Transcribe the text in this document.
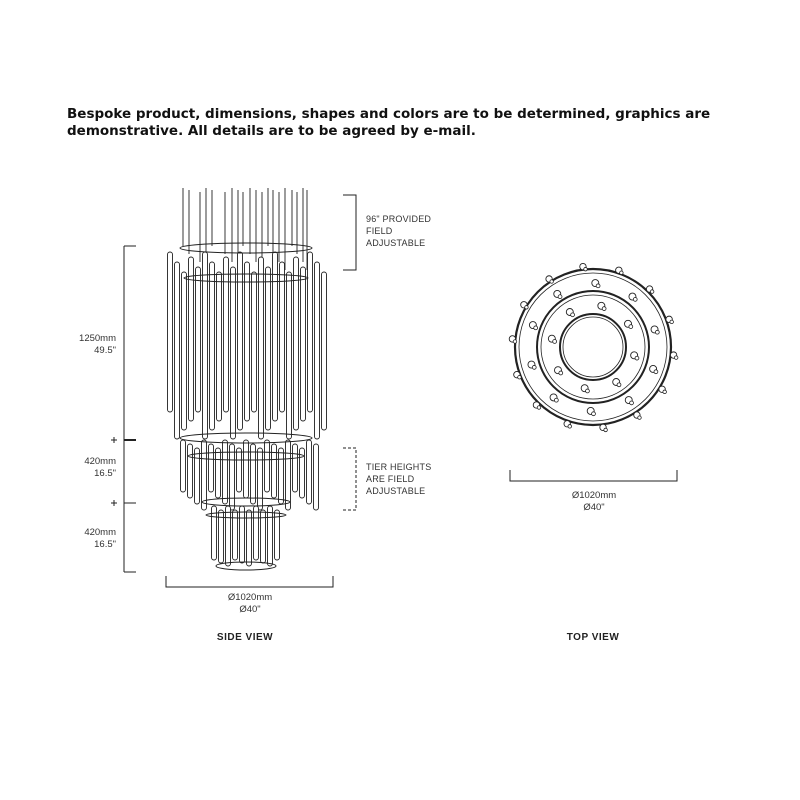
Bespoke product, dimensions, shapes and colors are to be determined, graphics are
demonstrative. All details are to be agreed by e-mail.

1250mm
49.5"
420mm
16.5"
420mm
16.5"
96" PROVIDED
FIELD
ADJUSTABLE
TIER HEIGHTS
ARE FIELD
ADJUSTABLE
Ø1020mm
Ø40"
SIDE VIEW
Ø1020mm
Ø40"
TOP VIEW
